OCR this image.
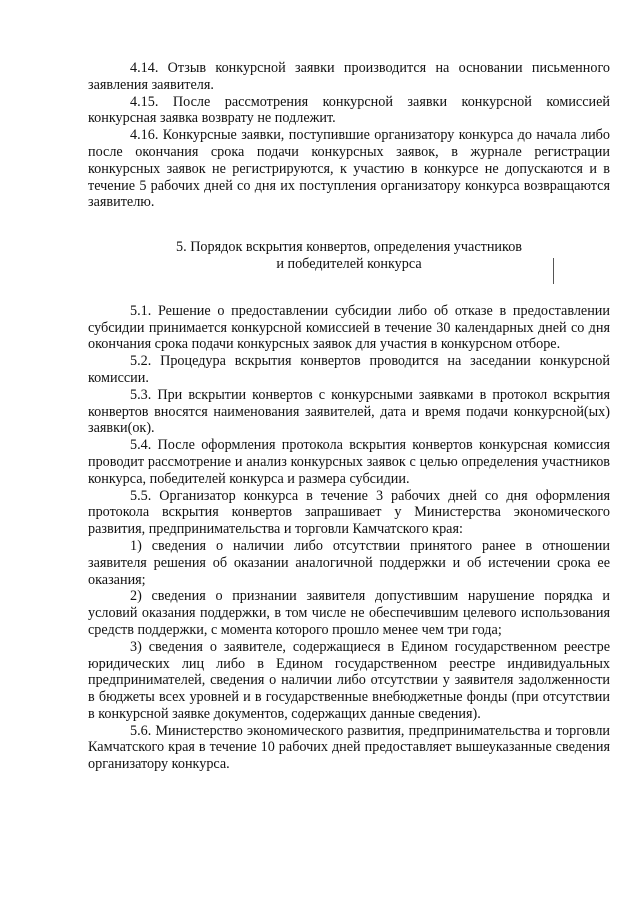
4.14. Отзыв конкурсной заявки производится на основании письменного заявления заявителя.

4.15. После рассмотрения конкурсной заявки конкурсной комиссией конкурсная заявка возврату не подлежит.

4.16. Конкурсные заявки, поступившие организатору конкурса до начала либо после окончания срока подачи конкурсных заявок, в журнале регистрации конкурсных заявок не регистрируются, к участию в конкурсе не допускаются и в течение 5 рабочих дней со дня их поступления организатору конкурса возвращаются заявителю.

5. Порядок вскрытия конвертов, определения участников
и победителей конкурса

5.1. Решение о предоставлении субсидии либо об отказе в предоставлении субсидии принимается конкурсной комиссией в течение 30 календарных дней со дня окончания срока подачи конкурсных заявок для участия в конкурсном отборе.

5.2. Процедура вскрытия конвертов проводится на заседании конкурсной комиссии.

5.3. При вскрытии конвертов с конкурсными заявками в протокол вскрытия конвертов вносятся наименования заявителей, дата и время подачи конкурсной(ых) заявки(ок).

5.4. После оформления протокола вскрытия конвертов конкурсная комиссия проводит рассмотрение и анализ конкурсных заявок с целью определения участников конкурса, победителей конкурса и размера субсидии.

5.5. Организатор конкурса в течение 3 рабочих дней со дня оформления протокола вскрытия конвертов запрашивает у Министерства экономического развития, предпринимательства и торговли Камчатского края:

1) сведения о наличии либо отсутствии принятого ранее в отношении заявителя решения об оказании аналогичной поддержки и об истечении срока ее оказания;

2) сведения о признании заявителя допустившим нарушение порядка и условий оказания поддержки, в том числе не обеспечившим целевого использования средств поддержки, с момента которого прошло менее чем три года;

3) сведения о заявителе, содержащиеся в Едином государственном реестре юридических лиц либо в Едином государственном реестре индивидуальных предпринимателей, сведения о наличии либо отсутствии у заявителя задолженности в бюджеты всех уровней и в государственные внебюджетные фонды (при отсутствии в конкурсной заявке документов, содержащих данные сведения).

5.6. Министерство экономического развития, предпринимательства и торговли Камчатского края в течение 10 рабочих дней предоставляет вышеуказанные сведения организатору конкурса.
